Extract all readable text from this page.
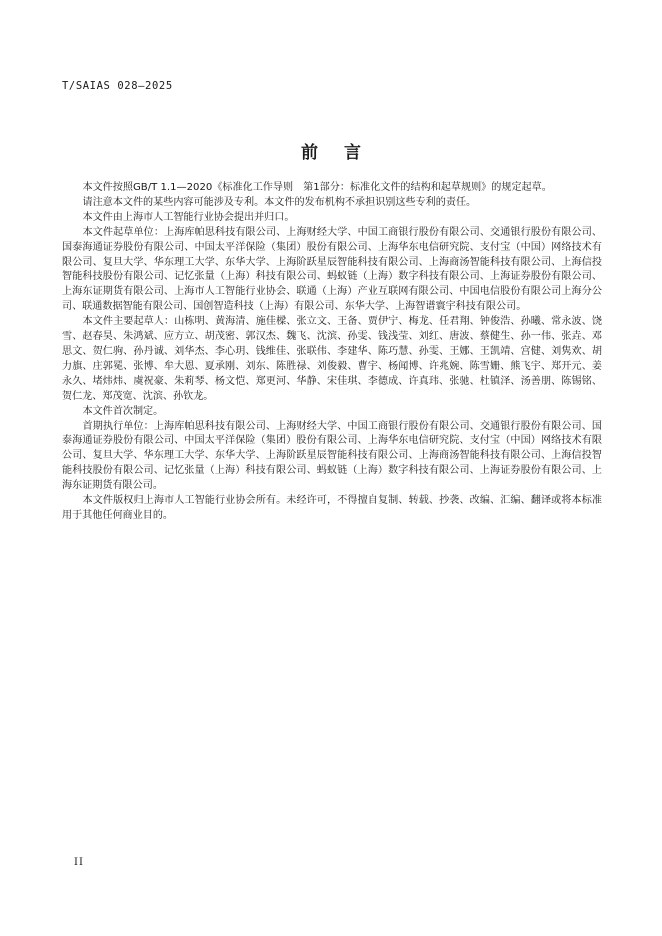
T/SAIAS 028—2025
前言

本文件按照GB/T 1.1—2020《标准化工作导则　第1部分：标准化文件的结构和起草规则》的规定起草。

请注意本文件的某些内容可能涉及专利。本文件的发布机构不承担识别这些专利的责任。

本文件由上海市人工智能行业协会提出并归口。

本文件起草单位：上海库帕思科技有限公司、上海财经大学、中国工商银行股份有限公司、交通银行股份有限公司、国泰海通证券股份有限公司、中国太平洋保险（集团）股份有限公司、上海华东电信研究院、支付宝（中国）网络技术有限公司、复旦大学、华东理工大学、东华大学、上海阶跃星辰智能科技有限公司、上海商汤智能科技有限公司、上海信投智能科技股份有限公司、记忆张量（上海）科技有限公司、蚂蚁链（上海）数字科技有限公司、上海证券股份有限公司、上海东证期货有限公司、上海市人工智能行业协会、联通（上海）产业互联网有限公司、中国电信股份有限公司上海分公司、联通数据智能有限公司、国创智造科技（上海）有限公司、东华大学、上海智谱寰宇科技有限公司。

本文件主要起草人：山栋明、黄海清、施佳樑、张立文、王备、贾伊宁、梅龙、任君翔、钟俊浩、孙曦、常永波、饶雪、赵春昊、朱鸿斌、应方立、胡茂密、郭汉杰、魏飞、沈滨、孙雯、钱浅莹、刘红、唐波、蔡健生、孙一伟、张垚、邓思文、贺仁驹、孙丹诚、刘华杰、李心玥、钱维佳、张联伟、李建华、陈巧慧、孙雯、王娜、王凯靖、宫健、刘隽欢、胡力旗、庄郭冕、张博、牟大恩、夏承刚、刘东、陈胜禄、刘俊毅、曹宇、杨闻博、许兆婉、陈雪姗、熊飞宇、郑开元、姜永久、堵炜炜、虞祝豪、朱莉琴、杨文恺、郑更河、华静、宋佳琪、李德成、许真玮、张驰、杜镇泽、汤善朋、陈锡铭、贺仁龙、郑茂宽、沈滨、孙钦龙。

本文件首次制定。

首期执行单位：上海库帕思科技有限公司、上海财经大学、中国工商银行股份有限公司、交通银行股份有限公司、国泰海通证券股份有限公司、中国太平洋保险（集团）股份有限公司、上海华东电信研究院、支付宝（中国）网络技术有限公司、复旦大学、华东理工大学、东华大学、上海阶跃星辰智能科技有限公司、上海商汤智能科技有限公司、上海信投智能科技股份有限公司、记忆张量（上海）科技有限公司、蚂蚁链（上海）数字科技有限公司、上海证券股份有限公司、上海东证期货有限公司。

本文件版权归上海市人工智能行业协会所有。未经许可，不得擅自复制、转载、抄袭、改编、汇编、翻译或将本标准用于其他任何商业目的。

II
